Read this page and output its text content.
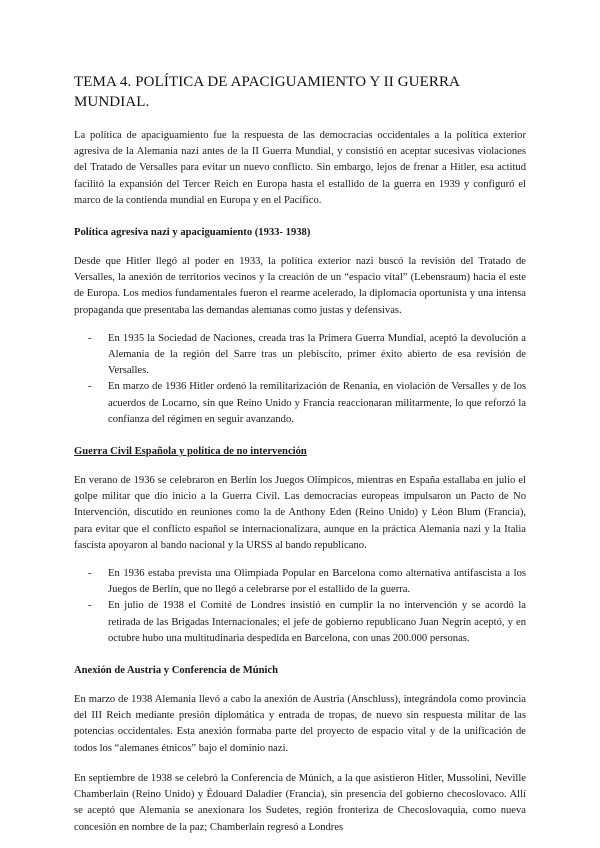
TEMA 4. POLÍTICA DE APACIGUAMIENTO Y II GUERRA MUNDIAL.

La política de apaciguamiento fue la respuesta de las democracias occidentales a la política exterior agresiva de la Alemania nazi antes de la II Guerra Mundial, y consistió en aceptar sucesivas violaciones del Tratado de Versalles para evitar un nuevo conflicto. Sin embargo, lejos de frenar a Hitler, esa actitud facilitó la expansión del Tercer Reich en Europa hasta el estallido de la guerra en 1939 y configuró el marco de la contienda mundial en Europa y en el Pacífico.

Política agresiva nazi y apaciguamiento (1933- 1938)

Desde que Hitler llegó al poder en 1933, la política exterior nazi buscó la revisión del Tratado de Versalles, la anexión de territorios vecinos y la creación de un “espacio vital” (Lebensraum) hacia el este de Europa. Los medios fundamentales fueron el rearme acelerado, la diplomacia oportunista y una intensa propaganda que presentaba las demandas alemanas como justas y defensivas.

- En 1935 la Sociedad de Naciones, creada tras la Primera Guerra Mundial, aceptó la devolución a Alemania de la región del Sarre tras un plebiscito, primer éxito abierto de esa revisión de Versalles.
- En marzo de 1936 Hitler ordenó la remilitarización de Renania, en violación de Versalles y de los acuerdos de Locarno, sin que Reino Unido y Francia reaccionaran militarmente, lo que reforzó la confianza del régimen en seguir avanzando.
Guerra Civil Española y política de no intervención

En verano de 1936 se celebraron en Berlín los Juegos Olímpicos, mientras en España estallaba en julio el golpe militar que dio inicio a la Guerra Civil. Las democracias europeas impulsaron un Pacto de No Intervención, discutido en reuniones como la de Anthony Eden (Reino Unido) y Léon Blum (Francia), para evitar que el conflicto español se internacionalizara, aunque en la práctica Alemania nazi y la Italia fascista apoyaron al bando nacional y la URSS al bando republicano.

- En 1936 estaba prevista una Olimpiada Popular en Barcelona como alternativa antifascista a los Juegos de Berlín, que no llegó a celebrarse por el estallido de la guerra.
- En julio de 1938 el Comité de Londres insistió en cumplir la no intervención y se acordó la retirada de las Brigadas Internacionales; el jefe de gobierno republicano Juan Negrín aceptó, y en octubre hubo una multitudinaria despedida en Barcelona, con unas 200.000 personas.
Anexión de Austria y Conferencia de Múnich

En marzo de 1938 Alemania llevó a cabo la anexión de Austria (Anschluss), integrándola como provincia del III Reich mediante presión diplomática y entrada de tropas, de nuevo sin respuesta militar de las potencias occidentales. Esta anexión formaba parte del proyecto de espacio vital y de la unificación de todos los “alemanes étnicos” bajo el dominio nazi.

En septiembre de 1938 se celebró la Conferencia de Múnich, a la que asistieron Hitler, Mussolini, Neville Chamberlain (Reino Unido) y Édouard Daladier (Francia), sin presencia del gobierno checoslovaco. Allí se aceptó que Alemania se anexionara los Sudetes, región fronteriza de Checoslovaquia, como nueva concesión en nombre de la paz; Chamberlain regresó a Londres
